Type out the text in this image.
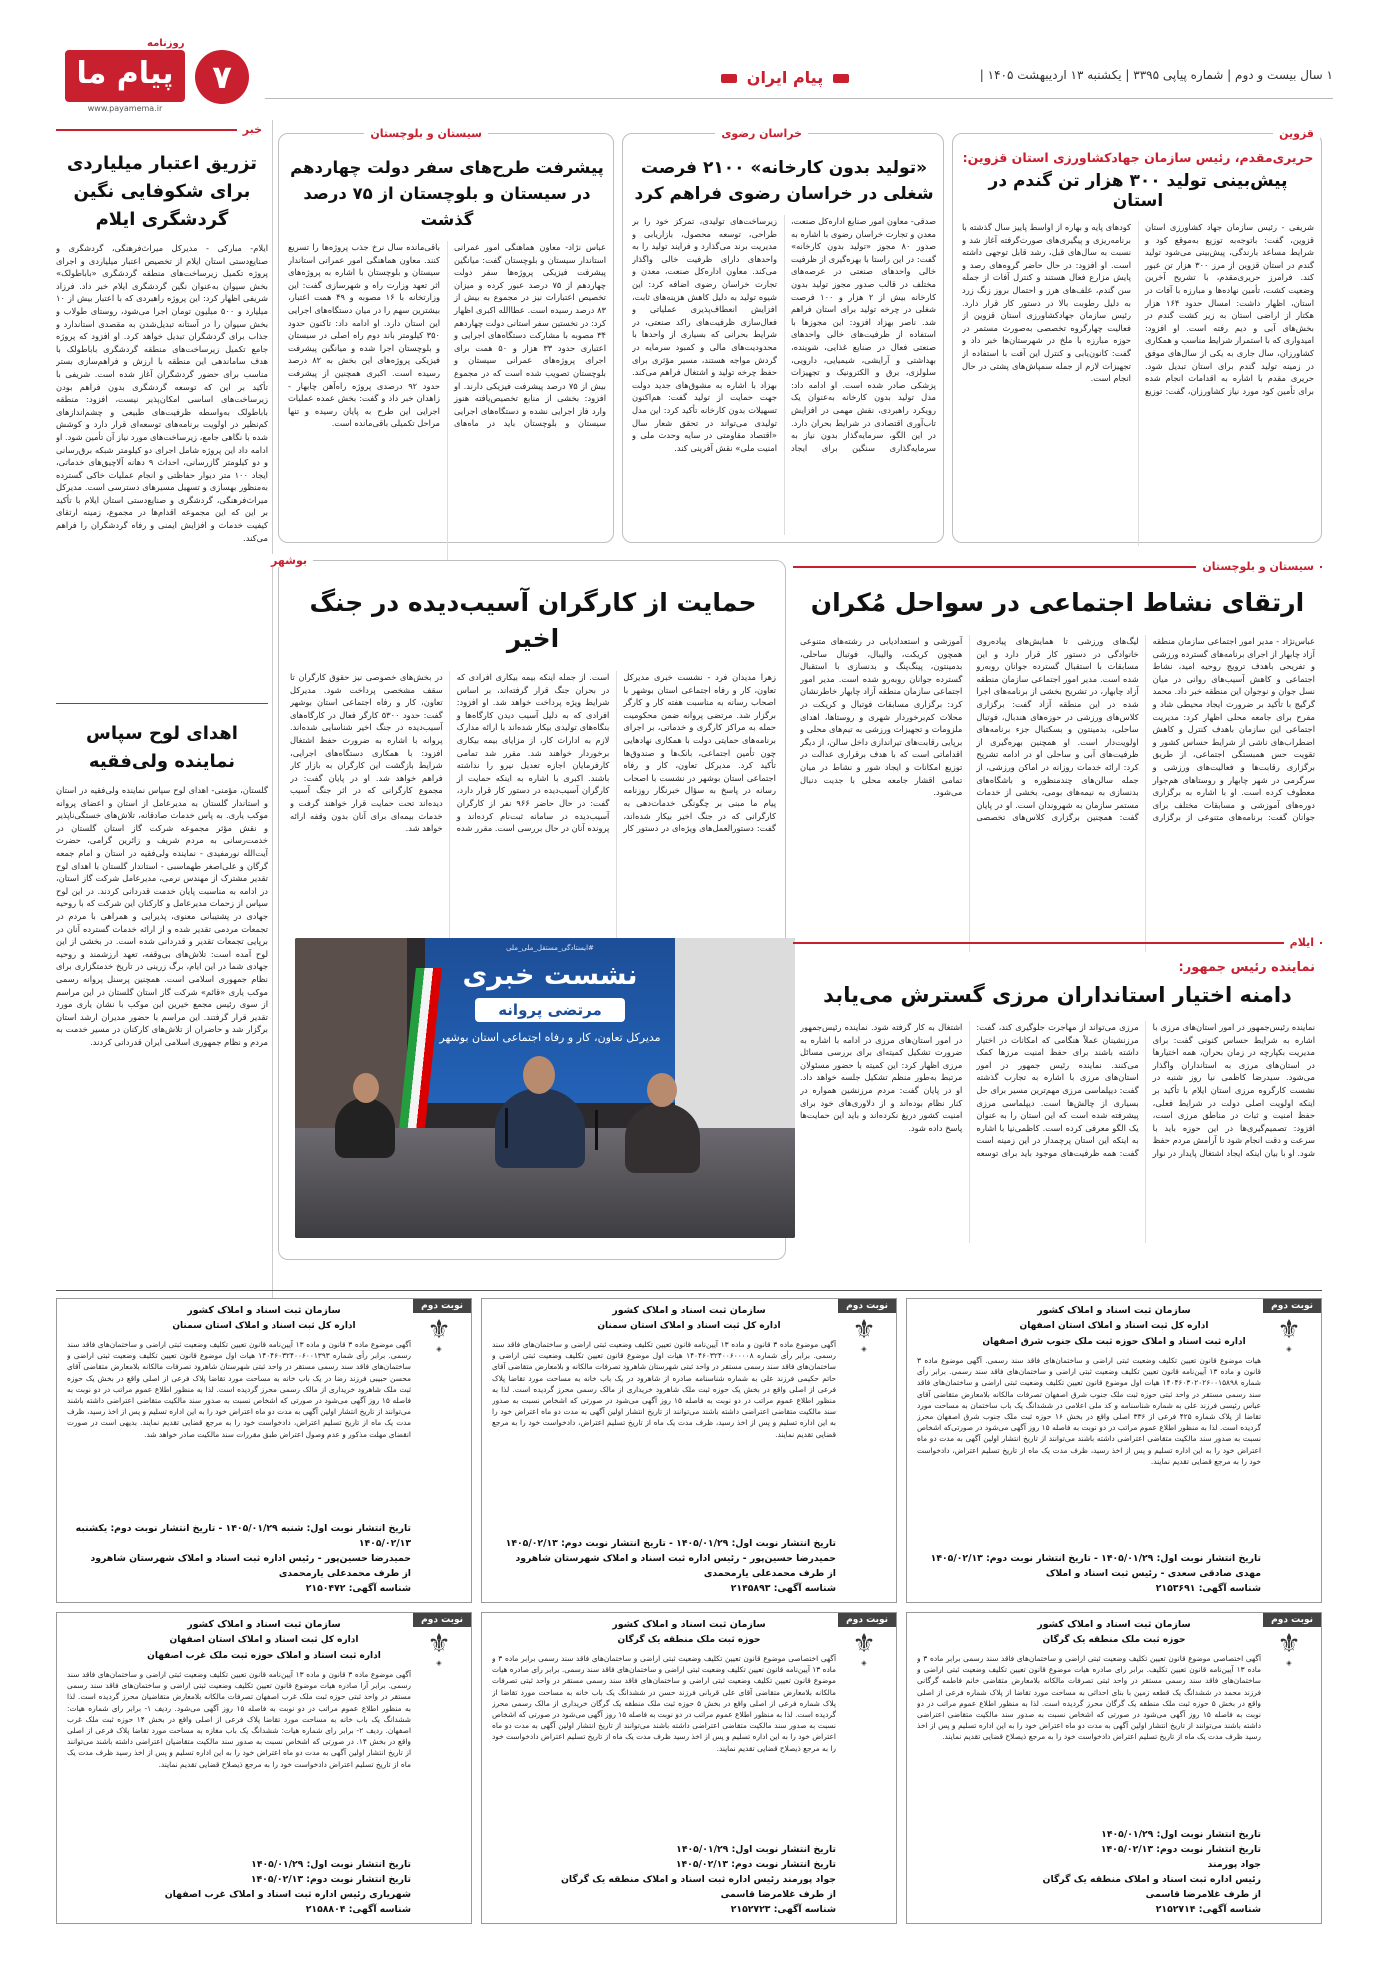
پیام ما
روزنامه
www.payamema.ir
۷	پیام ایران	۱ سال بیست و دوم | شماره پیاپی ۳۳۹۵ | یکشنبه ۱۳ اردیبهشت ۱۴۰۵ |
قزوین
حریری‌مقدم، رئیس سازمان جهادکشاورزی استان قزوین:
پیش‌بینی تولید ۳۰۰ هزار تن گندم در استان
شریفی - رئیس سازمان جهاد کشاورزی استان قزوین، گفت: باتوجه‌به توزیع به‌موقع کود و شرایط مساعد بارندگی، پیش‌بینی می‌شود تولید گندم در استان قزوین از مرز ۳۰۰ هزار تن عبور کند. فرامرز حریری‌مقدم، با تشریح آخرین وضعیت کشت، تأمین نهاده‌ها و مبارزه با آفات در استان، اظهار داشت: امسال حدود ۱۶۴ هزار هکتار از اراضی استان به زیر کشت گندم در بخش‌های آبی و دیم رفته است. او افزود: امیدواری که با استمرار شرایط مناسب و همکاری کشاورزان، سال جاری به یکی از سال‌های موفق در زمینه تولید گندم برای استان تبدیل شود. حریری مقدم با اشاره به اقدامات انجام شده برای تأمین کود مورد نیاز کشاورزان، گفت: توزیع کودهای پایه و بهاره از اواسط پاییز سال گذشته با برنامه‌ریزی و پیگیری‌های صورت‌گرفته آغاز شد و نسبت به سال‌های قبل، رشد قابل توجهی داشته است. او افزود: در حال حاضر گروه‌های رصد و پایش مزارع فعال هستند و کنترل آفات از جمله سن گندم، علف‌های هرز و احتمال بروز زنگ زرد به دلیل رطوبت بالا در دستور کار قرار دارد. رئیس سازمان جهادکشاورزی استان قزوین از فعالیت چهارگروه تخصصی به‌صورت مستمر در حوزه مبارزه با ملخ در شهرستان‌ها خبر داد و گفت: کانون‌یابی و کنترل این آفت با استفاده از تجهیزات لازم از جمله سمپاش‌های پشتی در حال انجام است.
خراسان رضوی
«تولید بدون کارخانه» ۲۱۰۰ فرصت شغلی در خراسان رضوی فراهم کرد
صدقی- معاون امور صنایع اداره‌کل صنعت، معدن و تجارت خراسان رضوی با اشاره به صدور ۸۰ مجوز «تولید بدون کارخانه» گفت: در این راستا با بهره‌گیری از ظرفیت خالی واحدهای صنعتی در عرصه‌های مختلف در قالب صدور مجوز تولید بدون کارخانه بیش از ۲ هزار و ۱۰۰ فرصت شغلی در چرخه تولید برای استان فراهم شد. ناصر بهزاد افزود: این مجوزها با استفاده از ظرفیت‌های خالی واحدهای صنعتی فعال در صنایع غذایی، شوینده، بهداشتی و آرایشی، شیمیایی، دارویی، سلولزی، برق و الکترونیک و تجهیزات پزشکی صادر شده است. او ادامه داد: مدل تولید بدون کارخانه به‌عنوان یک رویکرد راهبردی، نقش مهمی در افزایش تاب‌آوری اقتصادی در شرایط بحران دارد. در این الگو، سرمایه‌گذار بدون نیاز به سرمایه‌گذاری سنگین برای ایجاد زیرساخت‌های تولیدی، تمرکز خود را بر طراحی، توسعه محصول، بازاریابی و مدیریت برند می‌گذارد و فرایند تولید را به واحدهای دارای ظرفیت خالی واگذار می‌کند. معاون اداره‌کل صنعت، معدن و تجارت خراسان رضوی اضافه کرد: این شیوه تولید به دلیل کاهش هزینه‌های ثابت، افزایش انعطاف‌پذیری عملیاتی و فعال‌سازی ظرفیت‌های راکد صنعتی، در شرایط بحرانی که بسیاری از واحدها با محدودیت‌های مالی و کمبود سرمایه در گردش مواجه هستند، مسیر مؤثری برای حفظ چرخه تولید و اشتغال فراهم می‌کند. بهزاد با اشاره به مشوق‌های جدید دولت جهت حمایت از تولید گفت: هم‌اکنون تسهیلات بدون کارخانه تأکید کرد: این مدل تولیدی می‌تواند در تحقق شعار سال «اقتصاد مقاومتی در سایه وحدت ملی و امنیت ملی» نقش آفرینی کند.
سیستان و بلوچستان
پیشرفت طرح‌های سفر دولت چهاردهم در سیستان و بلوچستان از ۷۵ درصد گذشت
عباس نژاد- معاون هماهنگی امور عمرانی استاندار سیستان و بلوچستان گفت: میانگین پیشرفت فیزیکی پروژه‌ها سفر دولت چهاردهم از ۷۵ درصد عبور کرده و میزان تخصیص اعتبارات نیز در مجموع به بیش از ۸۳ درصد رسیده است. عطاالله اکبری اظهار کرد: در نخستین سفر استانی دولت چهاردهم ۳۴ مصوبه با مشارکت دستگاه‌های اجرایی و اعتباری حدود ۳۳ هزار و ۵۰ همت برای اجرای پروژه‌های عمرانی سیستان و بلوچستان تصویب شده است که در مجموع بیش از ۷۵ درصد پیشرفت فیزیکی دارند. او افزود: بخشی از منابع تخصیص‌یافته هنوز وارد فاز اجرایی نشده و دستگاه‌های اجرایی سیستان و بلوچستان باید در ماه‌های باقی‌مانده سال نرخ جذب پروژه‌ها را تسریع کنند. معاون هماهنگی امور عمرانی استاندار سیستان و بلوچستان با اشاره به پروژه‌های اثر تعهد وزارت راه و شهرسازی گفت: این وزارتخانه با ۱۶ مصوبه و ۴۹ همت اعتبار، بیشترین سهم را در میان دستگاه‌های اجرایی این استان دارد. او ادامه داد: تاکنون حدود ۳۵۰ کیلومتر باند دوم راه اصلی در سیستان و بلوچستان اجرا شده و میانگین پیشرفت فیزیکی پروژه‌های این بخش به ۸۲ درصد رسیده است. اکبری همچنین از پیشرفت حدود ۹۲ درصدی پروژه راه‌آهن چابهار - زاهدان خبر داد و گفت: بخش عمده عملیات اجرایی این طرح به پایان رسیده و تنها مراحل تکمیلی باقی‌مانده است.
خبر
تزریق اعتبار میلیاردی برای شکوفایی نگین گردشگری ایلام
ایلام- مبارکی - مدیرکل میراث‌فرهنگی، گردشگری و صنایع‌دستی استان ایلام از تخصیص اعتبار میلیاردی و اجرای پروژه تکمیل زیرساخت‌های منطقه گردشگری «باباطولک» بخش سیوان به‌عنوان نگین گردشگری ایلام خبر داد. فرزاد شریفی اظهار کرد: این پروژه راهبردی که با اعتبار بیش از ۱۰ میلیارد و ۵۰۰ میلیون تومان اجرا می‌شود، روستای طولاب و بخش سیوان را در آستانه تبدیل‌شدن به مقصدی استاندارد و جذاب برای گردشگران تبدیل خواهد کرد. او افزود که پروژه جامع تکمیل زیرساخت‌های منطقه گردشگری باباطولک با هدف ساماندهی این منطقه با ارزش و فراهم‌سازی بستر مناسب برای حضور گردشگران آغاز شده است. شریفی با تأکید بر این که توسعه گردشگری بدون فراهم بودن زیرساخت‌های اساسی امکان‌پذیر نیست، افزود: منطقه باباطولک به‌واسطه ظرفیت‌های طبیعی و چشم‌اندازهای کم‌نظیر در اولویت برنامه‌های توسعه‌ای قرار دارد و کوشش شده با نگاهی جامع، زیرساخت‌های مورد نیاز آن تأمین شود. او ادامه داد این پروژه شامل اجرای دو کیلومتر شبکه برق‌رسانی و دو کیلومتر گازرسانی، احداث ۹ دهانه آلاچیق‌های خدماتی، ایجاد ۱۰۰ متر دیوار حفاظتی و انجام عملیات خاکی گسترده به‌منظور بهسازی و تسهیل مسیرهای دسترسی است. مدیرکل میراث‌فرهنگی، گردشگری و صنایع‌دستی استان ایلام با تأکید بر این که این مجموعه اقدام‌ها در مجموع، زمینه ارتقای کیفیت خدمات و افزایش ایمنی و رفاه گردشگران را فراهم می‌کند.
اهدای لوح سپاس نماینده ولی‌فقیه
گلستان، مؤمنی- اهدای لوح سپاس نماینده ولی‌فقیه در استان و استاندار گلستان به مدیرعامل از استان و اعضای پروانه موکب یاری. به پاس خدمات صادقانه، تلاش‌های خستگی‌ناپذیر و نقش مؤثر مجموعه شرکت گاز استان گلستان در خدمت‌رسانی به مردم شریف و زائرین گرامی، حضرت آیت‌الله نورمفیدی - نماینده ولی‌فقیه در استان و امام جمعه گرگان و علی‌اصغر طهماسبی - استاندار گلستان با اهدای لوح تقدیر مشترک از مهندس نرمی، مدیرعامل شرکت گاز استان، در ادامه به مناسبت پایان خدمت قدردانی کردند. در این لوح سپاس از زحمات مدیرعامل و کارکنان این شرکت که با روحیه جهادی در پشتیبانی معنوی، پذیرایی و همراهی با مردم در تجمعات مردمی تقدیر شده و از ارائه خدمات گسترده آنان در برپایی تجمعات تقدیر و قدردانی شده است. در بخشی از این لوح آمده است: تلاش‌های بی‌وقفه، تعهد ارزشمند و روحیه جهادی شما در این ایام، برگ زرینی در تاریخ خدمتگزاری برای نظام جمهوری اسلامی است. همچنین پرسنل پروانه رسمی موکب یاری «قائم» شرکت گاز استان گلستان در این مراسم از سوی رئیس مجمع خیرین این موکب با نشان یاری مورد تقدیر قرار گرفتند. این مراسم با حضور مدیران ارشد استان برگزار شد و حاضران از تلاش‌های کارکنان در مسیر خدمت به مردم و نظام جمهوری اسلامی ایران قدردانی کردند.
سیستان و بلوچستان
ارتقای نشاط اجتماعی در سواحل مُکران
عباس‌نژاد - مدیر امور اجتماعی سازمان منطقه آزاد چابهار از اجرای برنامه‌های گسترده ورزشی و تفریحی باهدف ترویج روحیه امید، نشاط اجتماعی و کاهش آسیب‌های روانی در میان نسل جوان و نوجوان این منطقه خبر داد. محمد گرگیج با تأکید بر ضرورت ایجاد محیطی شاد و مفرح برای جامعه محلی اظهار کرد: مدیریت اجتماعی این سازمان باهدف کنترل و کاهش اضطراب‌های ناشی از شرایط حساس کشور و تقویت حس همبستگی اجتماعی، از طریق برگزاری رقابت‌ها و فعالیت‌های ورزشی و سرگرمی در شهر چابهار و روستاهای هم‌جوار معطوف کرده است. او با اشاره به برگزاری دوره‌های آموزشی و مسابقات مختلف برای جوانان گفت: برنامه‌های متنوعی از برگزاری لیگ‌های ورزشی تا همایش‌های پیاده‌روی خانوادگی در دستور کار قرار دارد و این مسابقات با استقبال گسترده جوانان روبه‌رو شده است. مدیر امور اجتماعی سازمان منطقه آزاد چابهار، در تشریح بخشی از برنامه‌های اجرا شده در این منطقه آزاد گفت: برگزاری کلاس‌های ورزشی در حوزه‌های هندبال، فوتبال ساحلی، بدمینتون و بسکتبال جزء برنامه‌های اولویت‌دار است. او همچنین بهره‌گیری از ظرفیت‌های آبی و ساحلی او در ادامه تشریح کرد: ارائه خدمات روزانه در اماکن ورزشی، از جمله سالن‌های چندمنظوره و باشگاه‌های بدنسازی به نیمه‌های بومی، بخشی از خدمات مستمر سازمان به شهروندان است. او در پایان گفت: همچنین برگزاری کلاس‌های تخصصی آموزشی و استعدادیابی در رشته‌های متنوعی همچون کریکت، والیبال، فوتبال ساحلی، بدمینتون، پینگ‌پنگ و بدنسازی با استقبال گسترده جوانان روبه‌رو شده است. مدیر امور اجتماعی سازمان منطقه آزاد چابهار خاطرنشان کرد: برگزاری مسابقات فوتبال و کریکت در محلات کم‌برخوردار شهری و روستاها، اهدای ملزومات و تجهیزات ورزشی به تیم‌های محلی و برپایی رقابت‌های تیراندازی داخل سالن، از دیگر اقداماتی است که با هدف برقراری عدالت در توزیع امکانات و ایجاد شور و نشاط در میان تمامی اقشار جامعه محلی با جدیت دنبال می‌شود.
بوشهر
حمایت از کارگران آسیب‌دیده در جنگ اخیر
زهرا مدیدان فرد - نشست خبری مدیرکل تعاون، کار و رفاه اجتماعی استان بوشهر با اصحاب رسانه به مناسبت هفته کار و کارگر برگزار شد. مرتضی پروانه ضمن محکومیت حمله به مراکز کارگری و خدماتی، بر اجرای برنامه‌های حمایتی دولت با همکاری نهادهایی چون تأمین اجتماعی، بانک‌ها و صندوق‌ها تأکید کرد. مدیرکل تعاون، کار و رفاه اجتماعی استان بوشهر در نشست با اصحاب رسانه در پاسخ به سؤال خبرنگار روزنامه پیام ما مبنی بر چگونگی خدمات‌دهی به کارگرانی که در جنگ اخیر بیکار شده‌اند، گفت: دستورالعمل‌های ویژه‌ای در دستور کار است. از جمله اینکه بیمه بیکاری افرادی که در بحران جنگ قرار گرفته‌اند، بر اساس شرایط ویژه پرداخت خواهد شد. او افزود: افرادی که به دلیل آسیب دیدن کارگاه‌ها و بنگاه‌های تولیدی بیکار شده‌اند با ارائه مدارک لازم به ادارات کار، از مزایای بیمه بیکاری برخوردار خواهند شد. مقرر شد تمامی کارفرمایان اجازه تعدیل نیرو را نداشته باشند. اکبری با اشاره به اینکه حمایت از کارگران آسیب‌دیده در دستور کار قرار دارد، گفت: در حال حاضر ۹۶۶ نفر از کارگران آسیب‌دیده در سامانه ثبت‌نام کرده‌اند و پرونده آنان در حال بررسی است. مقرر شده در بخش‌های خصوصی نیز حقوق کارگران تا سقف مشخصی پرداخت شود. مدیرکل تعاون، کار و رفاه اجتماعی استان بوشهر گفت: حدود ۵۳۰۰ کارگر فعال در کارگاه‌های آسیب‌دیده در جنگ اخیر شناسایی شده‌اند. پروانه با اشاره به ضرورت حفظ اشتغال افزود: با همکاری دستگاه‌های اجرایی، شرایط بازگشت این کارگران به بازار کار فراهم خواهد شد. او در پایان گفت: در مجموع کارگرانی که در اثر جنگ آسیب دیده‌اند تحت حمایت قرار خواهند گرفت و خدمات بیمه‌ای برای آنان بدون وقفه ارائه خواهد شد.
#ایستادگی_مستقل_ملی_ملی
نشست خبری
مرتضی پروانه
مدیرکل تعاون، کار و رفاه اجتماعی استان بوشهر
ایلام
نماینده رئیس جمهور:
دامنه اختیار استانداران مرزی گسترش می‌یابد
نماینده رئیس‌جمهور در امور استان‌های مرزی با اشاره به شرایط حساس کنونی گفت: برای مدیریت بکپارچه در زمان بحران، همه اختیارها در استان‌های مرزی به استانداران واگذار می‌شود. سیدرضا کاظمی نیا روز شنبه در نشست کارگروه مرزی استان ایلام با تأکید بر اینکه اولویت اصلی دولت در شرایط فعلی، حفظ امنیت و ثبات در مناطق مرزی است، افزود: تصمیم‌گیری‌ها در این حوزه باید با سرعت و دقت انجام شود تا آرامش مردم حفظ شود. او با بیان اینکه ایجاد اشتغال پایدار در نوار مرزی می‌تواند از مهاجرت جلوگیری کند، گفت: مرزنشینان عملاً هنگامی که امکانات در اختیار داشته باشند برای حفظ امنیت مرزها کمک می‌کنند. نماینده رئیس جمهور در امور استان‌های مرزی با اشاره به تجارب گذشته گفت: دیپلماسی مرزی مهم‌ترین مسیر برای حل بسیاری از چالش‌ها است. دیپلماسی مرزی پیشرفته شده است که این استان را به عنوان یک الگو معرفی کرده است. کاظمی‌نیا با اشاره به اینکه این استان پرچمدار در این زمینه است گفت: همه ظرفیت‌های موجود باید برای توسعه اشتغال به کار گرفته شود. نماینده رئیس‌جمهور در امور استان‌های مرزی در ادامه با اشاره به ضرورت تشکیل کمیته‌ای برای بررسی مسائل مرزی اظهار کرد: این کمیته با حضور مسئولان مرتبط به‌طور منظم تشکیل جلسه خواهد داد. او در پایان گفت: مردم مرزنشین همواره در کنار نظام بوده‌اند و از دلاوری‌های خود برای امنیت کشور دریغ نکرده‌اند و باید این حمایت‌ها پاسخ داده شود.
نوبت دوم
⚜
◈
سازمان ثبت اسناد و املاک کشور
اداره کل ثبت اسناد و املاک استان اصفهان
اداره ثبت اسناد و املاک حوزه ثبت ملک جنوب شرق اصفهان
هیات موضوع قانون تعیین تکلیف وضعیت ثبتی اراضی و ساختمان‌های فاقد سند رسمی. آگهی موضوع ماده ۳ قانون و ماده ۱۳ آیین‌نامه قانون تعیین تکلیف وضعیت ثبتی اراضی و ساختمان‌های فاقد سند رسمی. برابر رأی شماره ۱۴۰۴۶۰۳۰۲۰۲۶۰۰۱۵۸۹۸ هیات اول موضوع قانون تعیین تکلیف وضعیت ثبتی اراضی و ساختمان‌های فاقد سند رسمی مستقر در واحد ثبتی حوزه ثبت ملک جنوب شرق اصفهان تصرفات مالکانه بلامعارض متقاضی آقای عباس رئیسی فرزند علی به شماره شناسنامه و کد ملی اعلامی در ششدانگ یک باب ساختمان به مساحت مورد تقاضا از پلاک شماره ۴۲۵ فرعی از ۳۳۶ اصلی واقع در بخش ۱۶ حوزه ثبت ملک جنوب شرق اصفهان محرز گردیده است. لذا به منظور اطلاع عموم مراتب در دو نوبت به فاصله ۱۵ روز آگهی می‌شود در صورتی‌که اشخاص نسبت به صدور سند مالکیت متقاضی اعتراضی داشته باشند می‌توانند از تاریخ انتشار اولین آگهی به مدت دو ماه اعتراض خود را به این اداره تسلیم و پس از اخذ رسید، ظرف مدت یک ماه از تاریخ تسلیم اعتراض، دادخواست خود را به مرجع قضایی تقدیم نمایند.
تاریخ انتشار نوبت اول: ۱۴۰۵/۰۱/۲۹ - تاریخ انتشار نوبت دوم: ۱۴۰۵/۰۲/۱۳
مهدی صادقی سعدی - رئیس ثبت اسناد و املاک
شناسه آگهی: ۲۱۵۳۶۹۱
نوبت دوم
⚜
◈
سازمان ثبت اسناد و املاک کشور
اداره کل ثبت اسناد و املاک استان سمنان
آگهی موضوع ماده ۳ قانون و ماده ۱۳ آیین‌نامه قانون تعیین تکلیف وضعیت ثبتی اراضی و ساختمان‌های فاقد سند رسمی. برابر رأی شماره ۱۴۰۴۶۰۳۲۴۰۰۶۰۰۰۰۸ هیات اول موضوع قانون تعیین تکلیف وضعیت ثبتی اراضی و ساختمان‌های فاقد سند رسمی مستقر در واحد ثبتی شهرستان شاهرود تصرفات مالکانه و بلامعارض متقاضی آقای حاتم حکیمی فرزند علی به شماره شناسنامه صادره از شاهرود در یک باب خانه به مساحت مورد تقاضا پلاک فرعی از اصلی واقع در بخش یک حوزه ثبت ملک شاهرود خریداری از مالک رسمی محرز گردیده است. لذا به منظور اطلاع عموم مراتب در دو نوبت به فاصله ۱۵ روز آگهی می‌شود در صورتی که اشخاص نسبت به صدور سند مالکیت متقاضی اعتراضی داشته باشند می‌توانند از تاریخ انتشار اولین آگهی به مدت دو ماه اعتراض خود را به این اداره تسلیم و پس از اخذ رسید، ظرف مدت یک ماه از تاریخ تسلیم اعتراض، دادخواست خود را به مرجع قضایی تقدیم نمایند.
تاریخ انتشار نوبت اول: ۱۴۰۵/۰۱/۲۹ - تاریخ انتشار نوبت دوم: ۱۴۰۵/۰۲/۱۳
حمیدرضا حسین‌پور - رئیس اداره ثبت اسناد و املاک شهرستان شاهرود
از طرف محمدعلی یارمحمدی
شناسه آگهی: ۲۱۴۵۸۹۳
نوبت دوم
⚜
◈
سازمان ثبت اسناد و املاک کشور
اداره کل ثبت اسناد و املاک استان سمنان
آگهی موضوع ماده ۳ قانون و ماده ۱۳ آیین‌نامه قانون تعیین تکلیف وضعیت ثبتی اراضی و ساختمان‌های فاقد سند رسمی. برابر رأی شماره ۱۴۰۴۶۰۳۲۴۰۰۶۰۰۱۳۹۳ هیات اول موضوع قانون تعیین تکلیف وضعیت ثبتی اراضی و ساختمان‌های فاقد سند رسمی مستقر در واحد ثبتی شهرستان شاهرود تصرفات مالکانه بلامعارض متقاضی آقای محسن حبیبی فرزند رضا در یک باب خانه به مساحت مورد تقاضا پلاک فرعی از اصلی واقع در بخش یک حوزه ثبت ملک شاهرود خریداری از مالک رسمی محرز گردیده است. لذا به منظور اطلاع عموم مراتب در دو نوبت به فاصله ۱۵ روز آگهی می‌شود در صورتی که اشخاص نسبت به صدور سند مالکیت متقاضی اعتراضی داشته باشند می‌توانند از تاریخ انتشار اولین آگهی به مدت دو ماه اعتراض خود را به این اداره تسلیم و پس از اخذ رسید، ظرف مدت یک ماه از تاریخ تسلیم اعتراض، دادخواست خود را به مرجع قضایی تقدیم نمایند. بدیهی است در صورت انقضای مهلت مذکور و عدم وصول اعتراض طبق مقررات سند مالکیت صادر خواهد شد.
تاریخ انتشار نوبت اول: شنبه ۱۴۰۵/۰۱/۲۹ - تاریخ انتشار نوبت دوم: یکشنبه ۱۴۰۵/۰۲/۱۳
حمیدرضا حسین‌پور - رئیس اداره ثبت اسناد و املاک شهرستان شاهرود
از طرف محمدعلی یارمحمدی
شناسه آگهی: ۲۱۵۰۴۷۲
نوبت دوم
⚜
◈
سازمان ثبت اسناد و املاک کشور
حوزه ثبت ملک منطقه یک گرگان
آگهی اختصاصی موضوع قانون تعیین تکلیف وضعیت ثبتی اراضی و ساختمان‌های فاقد سند رسمی برابر ماده ۳ و ماده ۱۳ آیین‌نامه قانون تعیین تکلیف. برابر رای صادره هیات موضوع قانون تعیین تکلیف وضعیت ثبتی اراضی و ساختمان‌های فاقد سند رسمی مستقر در واحد ثبتی تصرفات مالکانه بلامعارض متقاضی خانم فاطمه گرگانی فرزند محمد در ششدانگ یک قطعه زمین با بنای احداثی به مساحت مورد تقاضا از پلاک شماره فرعی از اصلی واقع در بخش ۵ حوزه ثبت ملک منطقه یک گرگان محرز گردیده است. لذا به منظور اطلاع عموم مراتب در دو نوبت به فاصله ۱۵ روز آگهی می‌شود در صورتی که اشخاص نسبت به صدور سند مالکیت متقاضی اعتراضی داشته باشند می‌توانند از تاریخ انتشار اولین آگهی به مدت دو ماه اعتراض خود را به این اداره تسلیم و پس از اخذ رسید ظرف مدت یک ماه از تاریخ تسلیم اعتراض دادخواست خود را به مرجع ذیصلاح قضایی تقدیم نمایند.
تاریخ انتشار نوبت اول: ۱۴۰۵/۰۱/۲۹
تاریخ انتشار نوبت دوم: ۱۴۰۵/۰۲/۱۳
جواد پورمند
رئیس اداره ثبت اسناد و املاک منطقه یک گرگان
از طرف غلامرضا قاسمی
شناسه آگهی: ۲۱۵۲۷۱۴
نوبت دوم
⚜
◈
سازمان ثبت اسناد و املاک کشور
حوزه ثبت ملک منطقه یک گرگان
آگهی اختصاصی موضوع قانون تعیین تکلیف وضعیت ثبتی اراضی و ساختمان‌های فاقد سند رسمی برابر ماده ۳ و ماده ۱۳ آیین‌نامه قانون تعیین تکلیف وضعیت ثبتی اراضی و ساختمان‌های فاقد سند رسمی. برابر رای صادره هیات موضوع قانون تعیین تکلیف وضعیت ثبتی اراضی و ساختمان‌های فاقد سند رسمی مستقر در واحد ثبتی تصرفات مالکانه بلامعارض متقاضی آقای علی قربانی فرزند حسن در ششدانگ یک باب خانه به مساحت مورد تقاضا از پلاک شماره فرعی از اصلی واقع در بخش ۵ حوزه ثبت ملک منطقه یک گرگان خریداری از مالک رسمی محرز گردیده است. لذا به منظور اطلاع عموم مراتب در دو نوبت به فاصله ۱۵ روز آگهی می‌شود در صورتی که اشخاص نسبت به صدور سند مالکیت متقاضی اعتراضی داشته باشند می‌توانند از تاریخ انتشار اولین آگهی به مدت دو ماه اعتراض خود را به این اداره تسلیم و پس از اخذ رسید ظرف مدت یک ماه از تاریخ تسلیم اعتراض دادخواست خود را به مرجع ذیصلاح قضایی تقدیم نمایند.
تاریخ انتشار نوبت اول: ۱۴۰۵/۰۱/۲۹
تاریخ انتشار نوبت دوم: ۱۴۰۵/۰۲/۱۳
جواد پورمند رئیس اداره ثبت اسناد و املاک منطقه یک گرگان
از طرف غلامرضا قاسمی
شناسه آگهی: ۲۱۵۲۷۲۳
نوبت دوم
⚜
◈
سازمان ثبت اسناد و املاک کشور
اداره کل ثبت اسناد و املاک استان اصفهان
اداره ثبت اسناد و املاک حوزه ثبت ملک غرب اصفهان
آگهی موضوع ماده ۳ قانون و ماده ۱۳ آیین‌نامه قانون تعیین تکلیف وضعیت ثبتی اراضی و ساختمان‌های فاقد سند رسمی. برابر آرا صادره هیات موضوع قانون تعیین تکلیف وضعیت ثبتی اراضی و ساختمان‌های فاقد سند رسمی مستقر در واحد ثبتی حوزه ثبت ملک غرب اصفهان تصرفات مالکانه بلامعارض متقاضیان محرز گردیده است. لذا به منظور اطلاع عموم مراتب در دو نوبت به فاصله ۱۵ روز آگهی می‌شود. ردیف ۱- برابر رای شماره هیات: ششدانگ یک باب خانه به مساحت مورد تقاضا پلاک فرعی از اصلی واقع در بخش ۱۴ حوزه ثبت ملک غرب اصفهان. ردیف ۲- برابر رای شماره هیات: ششدانگ یک باب مغازه به مساحت مورد تقاضا پلاک فرعی از اصلی واقع در بخش ۱۴. در صورتی که اشخاص نسبت به صدور سند مالکیت متقاضیان اعتراضی داشته باشند می‌توانند از تاریخ انتشار اولین آگهی به مدت دو ماه اعتراض خود را به این اداره تسلیم و پس از اخذ رسید ظرف مدت یک ماه از تاریخ تسلیم اعتراض دادخواست خود را به مرجع ذیصلاح قضایی تقدیم نمایند.
تاریخ انتشار نوبت اول: ۱۴۰۵/۰۱/۲۹
تاریخ انتشار نوبت دوم: ۱۴۰۵/۰۲/۱۳
شهریاری رئیس اداره ثبت اسناد و املاک غرب اصفهان
شناسه آگهی: ۲۱۵۸۸۰۴
